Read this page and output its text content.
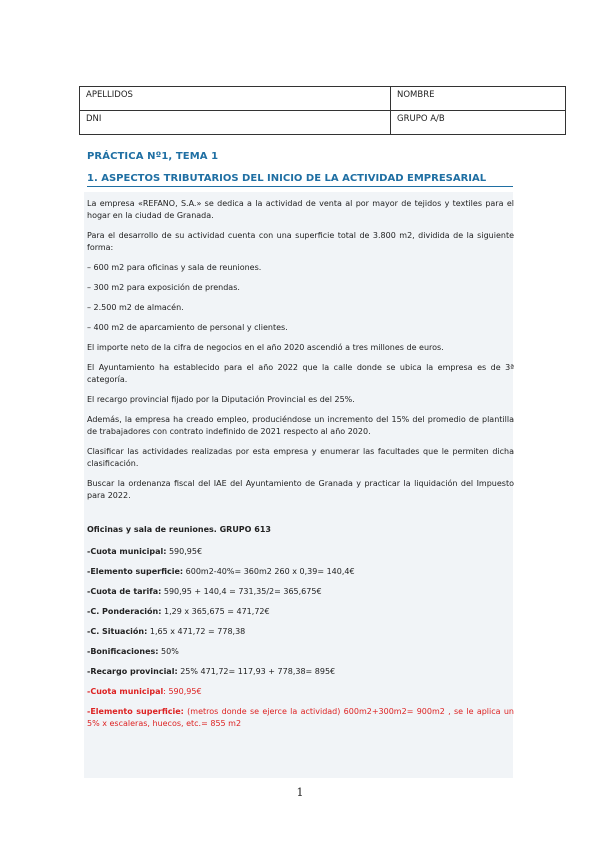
APELLIDOS	NOMBRE
DNI	GRUPO A/B
PRÁCTICA Nº1, TEMA 1
1. ASPECTOS TRIBUTARIOS DEL INICIO DE LA ACTIVIDAD EMPRESARIAL

La empresa «REFANO, S.A.» se dedica a la actividad de venta al por mayor de tejidos y textiles para el hogar en la ciudad de Granada.

Para el desarrollo de su actividad cuenta con una superficie total de 3.800 m2, dividida de la siguiente forma:

– 600 m2 para oficinas y sala de reuniones.

– 300 m2 para exposición de prendas.

– 2.500 m2 de almacén.

– 400 m2 de aparcamiento de personal y clientes.

El importe neto de la cifra de negocios en el año 2020 ascendió a tres millones de euros.

El Ayuntamiento ha establecido para el año 2022 que la calle donde se ubica la empresa es de 3ª categoría.

El recargo provincial fijado por la Diputación Provincial es del 25%.

Además, la empresa ha creado empleo, produciéndose un incremento del 15% del promedio de plantilla de trabajadores con contrato indefinido de 2021 respecto al año 2020.

Clasificar las actividades realizadas por esta empresa y enumerar las facultades que le permiten dicha clasificación.

Buscar la ordenanza fiscal del IAE del Ayuntamiento de Granada y practicar la liquidación del Impuesto para 2022.

Oficinas y sala de reuniones. GRUPO 613

-Cuota municipal: 590,95€

-Elemento superficie: 600m2-40%= 360m2 260 x 0,39= 140,4€

-Cuota de tarifa: 590,95 + 140,4 = 731,35/2= 365,675€

-C. Ponderación: 1,29 x 365,675 = 471,72€

-C. Situación: 1,65 x 471,72 = 778,38

-Bonificaciones: 50%

-Recargo provincial: 25% 471,72= 117,93 + 778,38= 895€

-Cuota municipal: 590,95€

-Elemento superficie: (metros donde se ejerce la actividad) 600m2+300m2= 900m2 , se le aplica un 5% x escaleras, huecos, etc.= 855 m2

1
